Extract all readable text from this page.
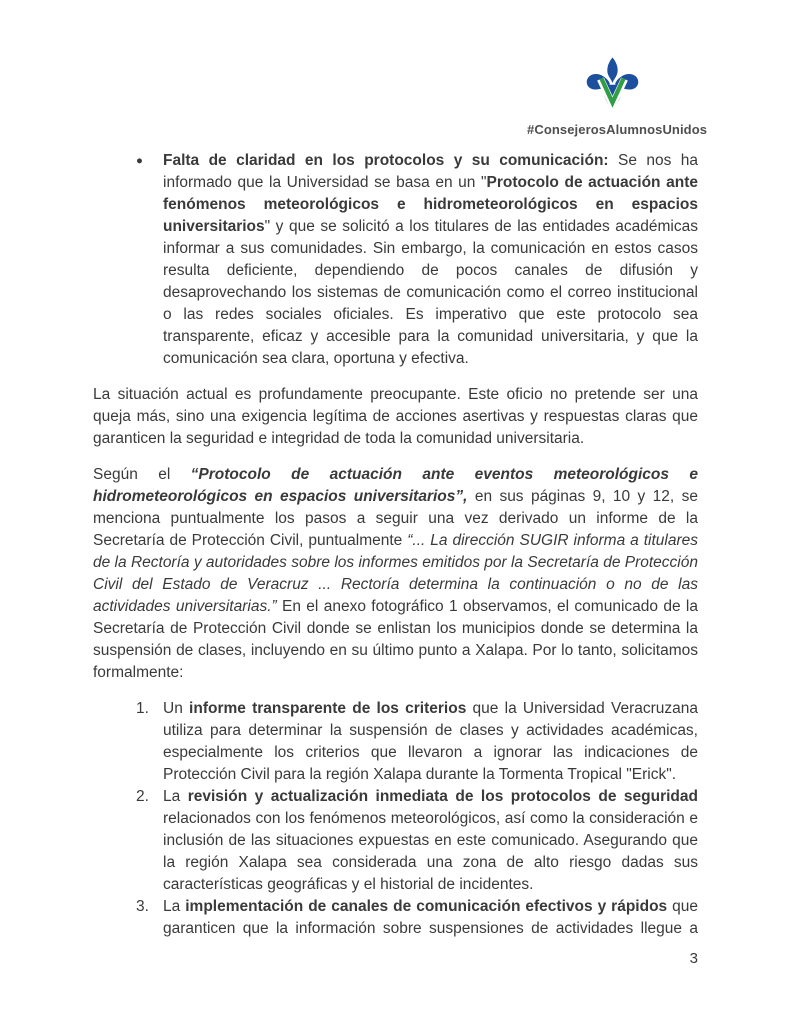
#ConsejerosAlumnosUnidos
●	Falta de claridad en los protocolos y su comunicación: Se nos ha informado que la Universidad se basa en un "Protocolo de actuación ante fenómenos meteorológicos e hidrometeorológicos en espacios universitarios" y que se solicitó a los titulares de las entidades académicas informar a sus comunidades. Sin embargo, la comunicación en estos casos resulta deficiente, dependiendo de pocos canales de difusión y desaprovechando los sistemas de comunicación como el correo institucional o las redes sociales oficiales. Es imperativo que este protocolo sea transparente, eficaz y accesible para la comunidad universitaria, y que la comunicación sea clara, oportuna y efectiva.

La situación actual es profundamente preocupante. Este oficio no pretende ser una queja más, sino una exigencia legítima de acciones asertivas y respuestas claras que garanticen la seguridad e integridad de toda la comunidad universitaria.

Según el “Protocolo de actuación ante eventos meteorológicos e hidrometeorológicos en espacios universitarios”, en sus páginas 9, 10 y 12, se menciona puntualmente los pasos a seguir una vez derivado un informe de la Secretaría de Protección Civil, puntualmente “... La dirección SUGIR informa a titulares de la Rectoría y autoridades sobre los informes emitidos por la Secretaría de Protección Civil del Estado de Veracruz ... Rectoría determina la continuación o no de las actividades universitarias.” En el anexo fotográfico 1 observamos, el comunicado de la Secretaría de Protección Civil donde se enlistan los municipios donde se determina la suspensión de clases, incluyendo en su último punto a Xalapa. Por lo tanto, solicitamos formalmente:

1. Un informe transparente de los criterios que la Universidad Veracruzana utiliza para determinar la suspensión de clases y actividades académicas, especialmente los criterios que llevaron a ignorar las indicaciones de Protección Civil para la región Xalapa durante la Tormenta Tropical "Erick".
2. La revisión y actualización inmediata de los protocolos de seguridad relacionados con los fenómenos meteorológicos, así como la consideración e inclusión de las situaciones expuestas en este comunicado. Asegurando que la región Xalapa sea considerada una zona de alto riesgo dadas sus características geográficas y el historial de incidentes.
3. La implementación de canales de comunicación efectivos y rápidos que garanticen que la información sobre suspensiones de actividades llegue a
3
